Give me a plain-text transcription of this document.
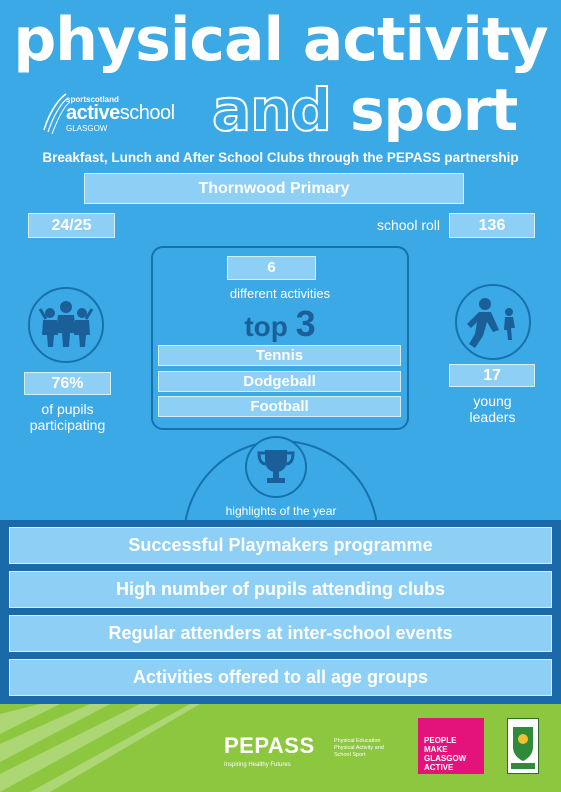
physical activity
sportscotland
activeschool
GLASGOW and sport
Breakfast, Lunch and After School Clubs through the PEPASS partnership
Thornwood Primary
24/25	school roll	136
highlights of the year
6
different activities
top 3
Tennis
Dodgeball
Football
76%
of pupils
participating
17
young
leaders
Successful Playmakers programme
High number of pupils attending clubs
Regular attenders at inter-school events
Activities offered to all age groups
PEPASS
Inspiring Healthy Futures
Physical Education Physical Activity and School Sport
PEOPLE
MAKE
GLASGOW
ACTIVE
